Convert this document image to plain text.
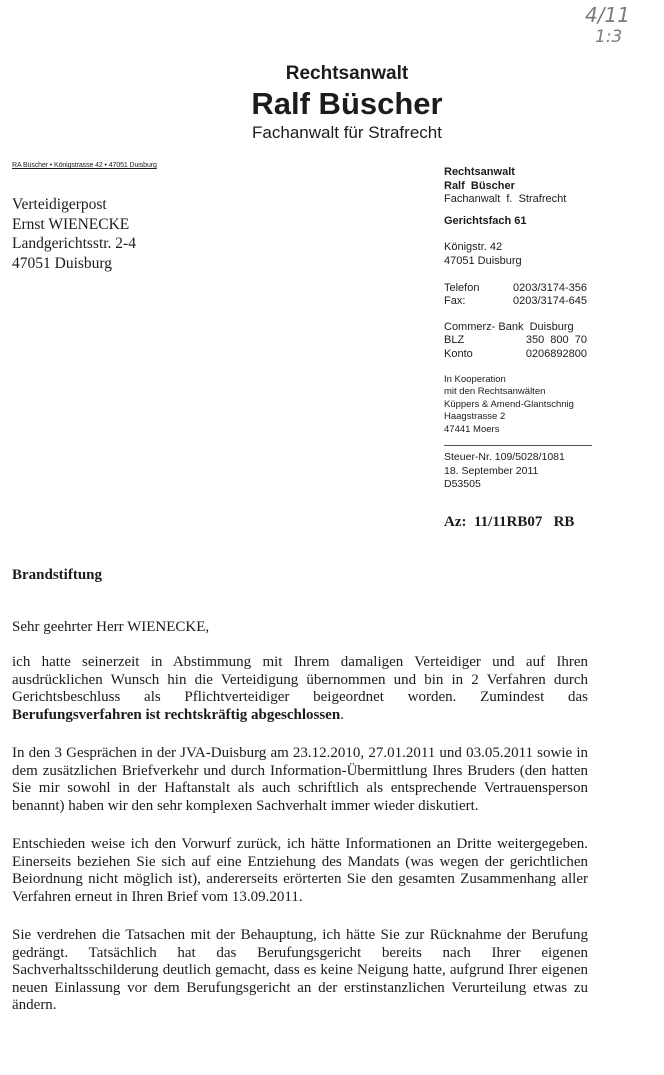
4/11
1:3
Rechtsanwalt
Ralf Büscher
Fachanwalt für Strafrecht
RA Büscher • Königstrasse 42 • 47051 Duisburg
Verteidigerpost
Ernst WIENECKE
Landgerichtsstr. 2-4
47051 Duisburg
Rechtsanwalt
Ralf  Büscher
Fachanwalt  f.  Strafrecht
Gerichtsfach 61
Königstr. 42
47051 Duisburg
Telefon	0203/3174-356
Fax:	0203/3174-645
Commerz- Bank  Duisburg
BLZ	350  800  70
Konto	0206892800
In Kooperation
mit den Rechtsanwälten
Küppers & Amend-Glantschnig
Haagstrasse 2
47441 Moers
Steuer-Nr. 109/5028/1081
18. September 2011
D53505
Az:  11/11RB07   RB
Brandstiftung
Sehr geehrter Herr WIENECKE,

ich hatte seinerzeit in Abstimmung mit Ihrem damaligen Verteidiger und auf Ihren ausdrücklichen Wunsch hin die Verteidigung übernommen und bin in 2 Verfahren durch Gerichtsbeschluss als Pflichtverteidiger beigeordnet worden. Zumindest das Berufungsverfahren ist rechtskräftig abgeschlossen.

In den 3 Gesprächen in der JVA-Duisburg am 23.12.2010, 27.01.2011 und 03.05.2011 sowie in dem zusätzlichen Briefverkehr und durch Information-Übermittlung Ihres Bruders (den hatten Sie mir sowohl in der Haftanstalt als auch schriftlich als entsprechende Vertrauensperson benannt) haben wir den sehr komplexen Sachverhalt immer wieder diskutiert.

Entschieden weise ich den Vorwurf zurück, ich hätte Informationen an Dritte weitergegeben. Einerseits beziehen Sie sich auf eine Entziehung des Mandats (was wegen der gerichtlichen Beiordnung nicht möglich ist), andererseits erörterten Sie den gesamten Zusammenhang aller Verfahren erneut in Ihren Brief vom 13.09.2011.

Sie verdrehen die Tatsachen mit der Behauptung, ich hätte Sie zur Rücknahme der Berufung gedrängt. Tatsächlich hat das Berufungsgericht bereits nach Ihrer eigenen Sachverhaltsschilderung deutlich gemacht, dass es keine Neigung hatte, aufgrund Ihrer eigenen neuen Einlassung vor dem Berufungsgericht an der erstinstanzlichen Verurteilung etwas zu ändern.
